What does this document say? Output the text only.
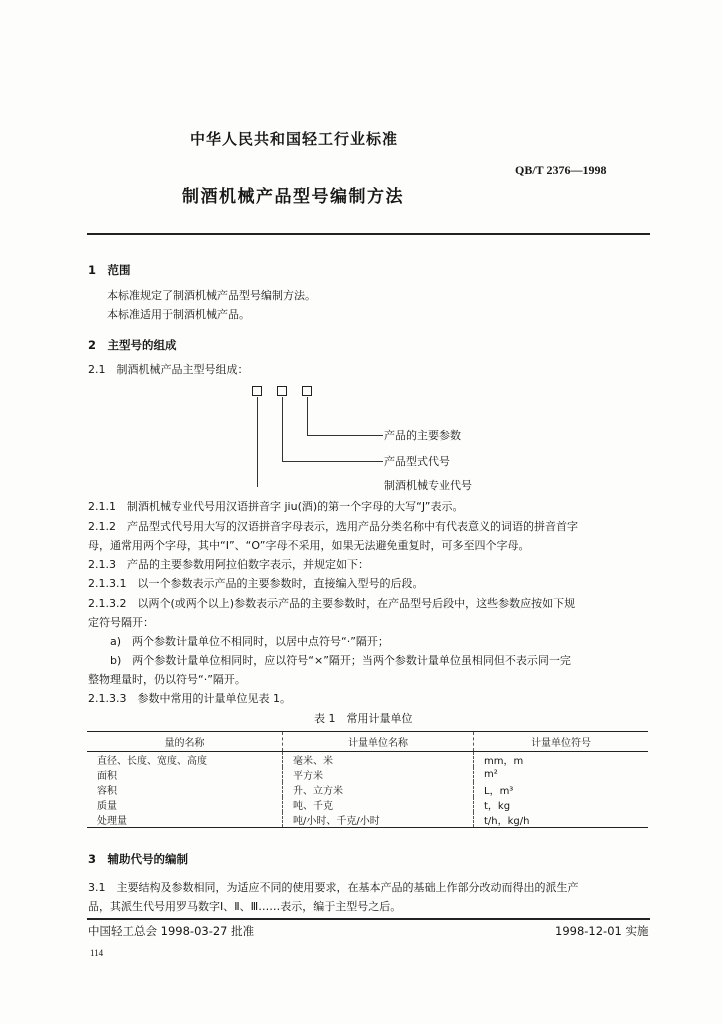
中华人民共和国轻工行业标准
QB/T 2376—1998
制酒机械产品型号编制方法
1　范围
本标准规定了制酒机械产品型号编制方法。
本标准适用于制酒机械产品。
2　主型号的组成
2.1　制酒机械产品主型号组成：
产品的主要参数
产品型式代号
制酒机械专业代号
2.1.1　制酒机械专业代号用汉语拼音字 jiu(酒)的第一个字母的大写“J”表示。
2.1.2　产品型式代号用大写的汉语拼音字母表示，选用产品分类名称中有代表意义的词语的拼音首字
母，通常用两个字母，其中“I”、“O”字母不采用，如果无法避免重复时，可多至四个字母。
2.1.3　产品的主要参数用阿拉伯数字表示，并规定如下：
2.1.3.1　以一个参数表示产品的主要参数时，直接编入型号的后段。
2.1.3.2　以两个(或两个以上)参数表示产品的主要参数时，在产品型号后段中，这些参数应按如下规
定符号隔开：
a)　两个参数计量单位不相同时，以居中点符号“·”隔开；
b)　两个参数计量单位相同时，应以符号“×”隔开；当两个参数计量单位虽相同但不表示同一完
整物理量时，仍以符号“·”隔开。
2.1.3.3　参数中常用的计量单位见表 1。
表 1　常用计量单位
量的名称	计量单位名称	计量单位符号
直径、长度、宽度、高度	毫米、米	mm，m
面积	平方米	m²
容积	升、立方米	L，m³
质量	吨、千克	t，kg
处理量	吨/小时、千克/小时	t/h，kg/h
3　辅助代号的编制
3.1　主要结构及参数相同，为适应不同的使用要求，在基本产品的基础上作部分改动而得出的派生产
品，其派生代号用罗马数字Ⅰ、Ⅱ、Ⅲ……表示，编于主型号之后。
中国轻工总会 1998-03-27 批准	1998-12-01 实施
114
